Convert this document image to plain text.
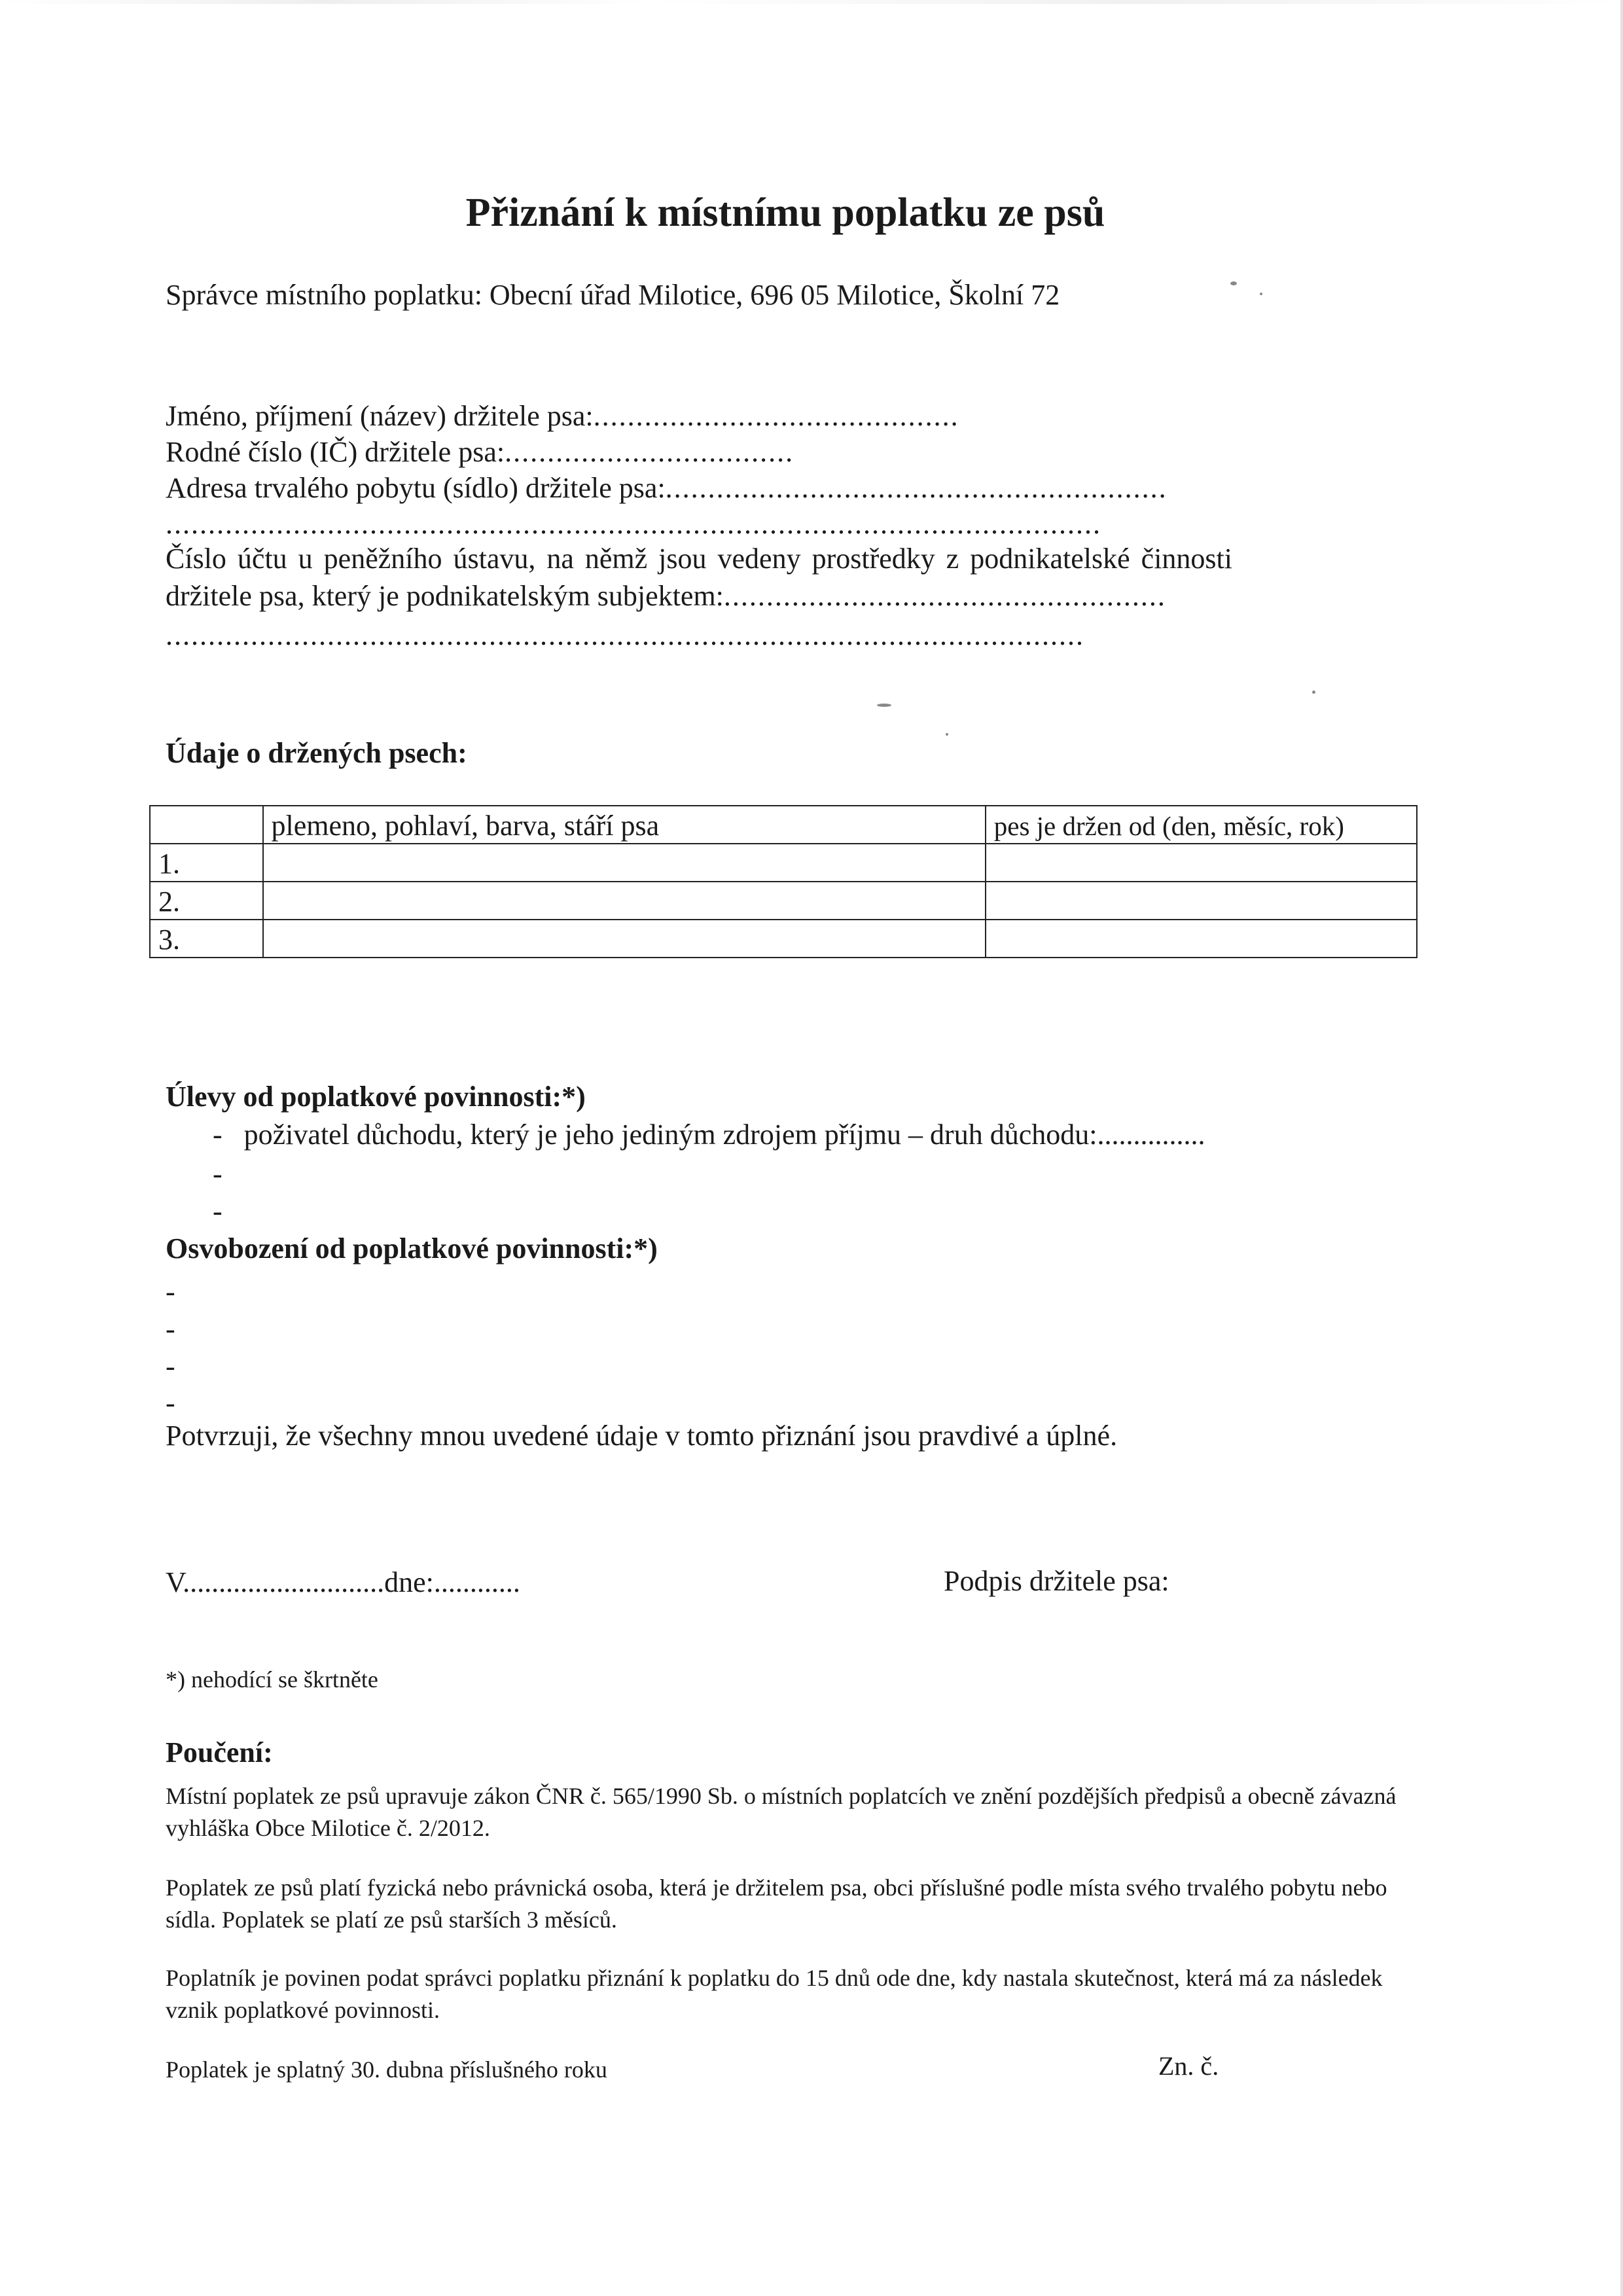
Přiznání k místnímu poplatku ze psů
Správce místního poplatku: Obecní úřad Milotice, 696 05 Milotice, Školní 72
Jméno, příjmení (název) držitele psa:...........................................
Rodné číslo (IČ) držitele psa:..................................
Adresa trvalého pobytu (sídlo) držitele psa:...........................................................
..............................................................................................................
Číslo účtu u peněžního ústavu, na němž jsou vedeny prostředky z podnikatelské činnosti
držitele psa, který je podnikatelským subjektem:....................................................
............................................................................................................
Údaje o držených psech:
	plemeno, pohlaví, barva, stáří psa	pes je držen od (den, měsíc, rok)
1.		
2.		
3.		
Úlevy od poplatkové povinnosti:*)
- poživatel důchodu, který je jeho jediným zdrojem příjmu – druh důchodu:...............
-
-
Osvobození od poplatkové povinnosti:*)
-
-
-
-
Potvrzuji, že všechny mnou uvedené údaje v tomto přiznání jsou pravdivé a úplné.
V............................dne:............	Podpis držitele psa:
*) nehodící se škrtněte
Poučení:
Místní poplatek ze psů upravuje zákon ČNR č. 565/1990 Sb. o místních poplatcích ve znění pozdějších předpisů a obecně závazná vyhláška Obce Milotice č. 2/2012.
Poplatek ze psů platí fyzická nebo právnická osoba, která je držitelem psa, obci příslušné podle místa svého trvalého pobytu nebo sídla. Poplatek se platí ze psů starších 3 měsíců.
Poplatník je povinen podat správci poplatku přiznání k poplatku do 15 dnů ode dne, kdy nastala skutečnost, která má za následek vznik poplatkové povinnosti.
Poplatek je splatný 30. dubna příslušného roku	Zn. č.
